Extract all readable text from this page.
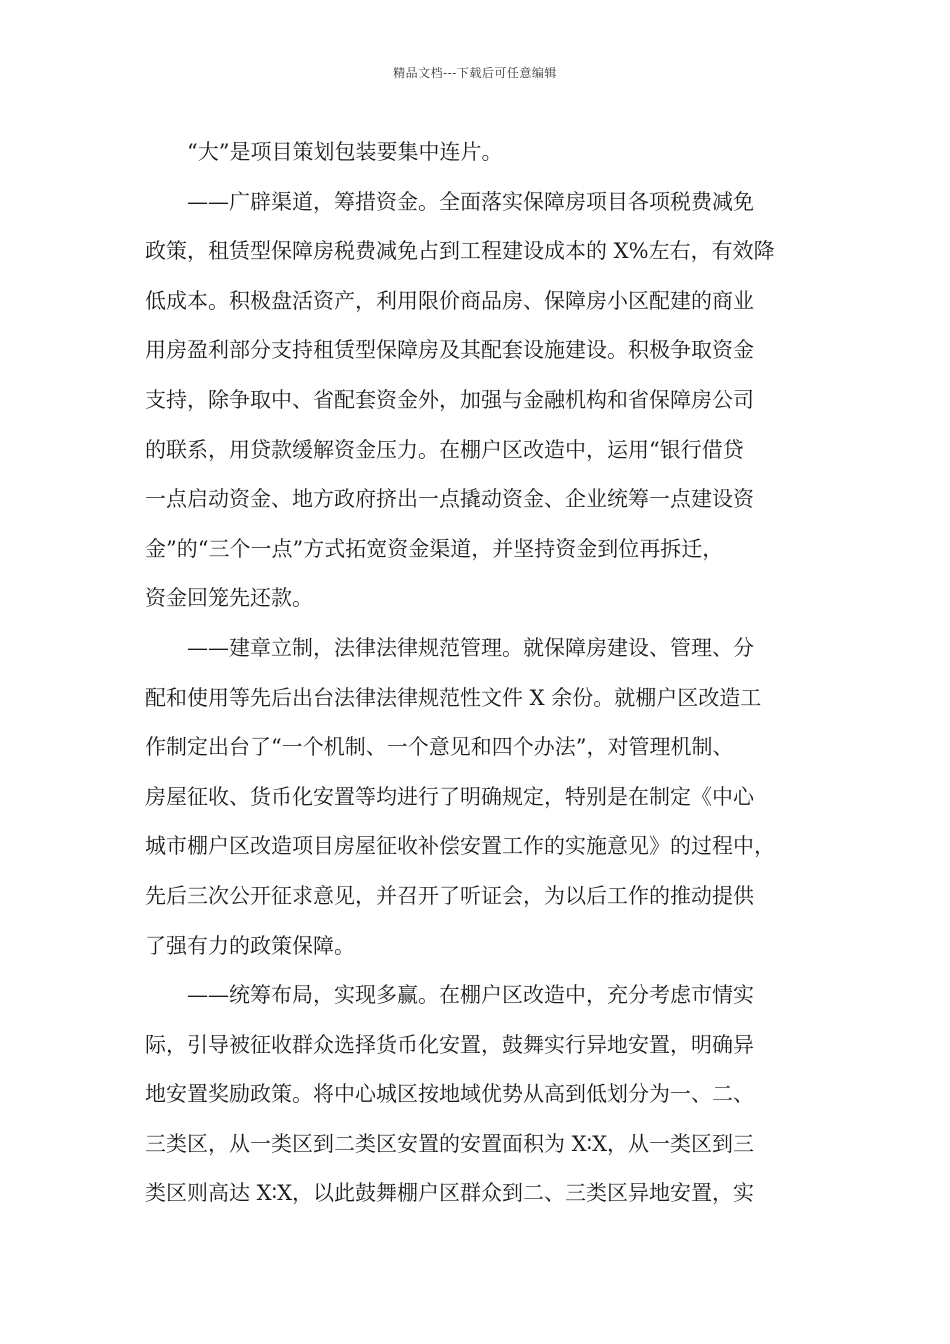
精品文档---下载后可任意编辑
“大”是项目策划包装要集中连片。
——广辟渠道，筹措资金。全面落实保障房项目各项税费减免
政策，租赁型保障房税费减免占到工程建设成本的 X%左右，有效降
低成本。积极盘活资产，利用限价商品房、保障房小区配建的商业
用房盈利部分支持租赁型保障房及其配套设施建设。积极争取资金
支持，除争取中、省配套资金外，加强与金融机构和省保障房公司
的联系，用贷款缓解资金压力。在棚户区改造中，运用“银行借贷
一点启动资金、地方政府挤出一点撬动资金、企业统筹一点建设资
金”的“三个一点”方式拓宽资金渠道，并坚持资金到位再拆迁，
资金回笼先还款。
——建章立制，法律法律规范管理。就保障房建设、管理、分
配和使用等先后出台法律法律规范性文件 X 余份。就棚户区改造工
作制定出台了“一个机制、一个意见和四个办法”，对管理机制、
房屋征收、货币化安置等均进行了明确规定，特别是在制定《中心
城市棚户区改造项目房屋征收补偿安置工作的实施意见》的过程中，
先后三次公开征求意见，并召开了听证会，为以后工作的推动提供
了强有力的政策保障。
——统筹布局，实现多赢。在棚户区改造中，充分考虑市情实
际，引导被征收群众选择货币化安置，鼓舞实行异地安置，明确异
地安置奖励政策。将中心城区按地域优势从高到低划分为一、二、
三类区，从一类区到二类区安置的安置面积为 X∶X，从一类区到三
类区则高达 X∶X，以此鼓舞棚户区群众到二、三类区异地安置，实
